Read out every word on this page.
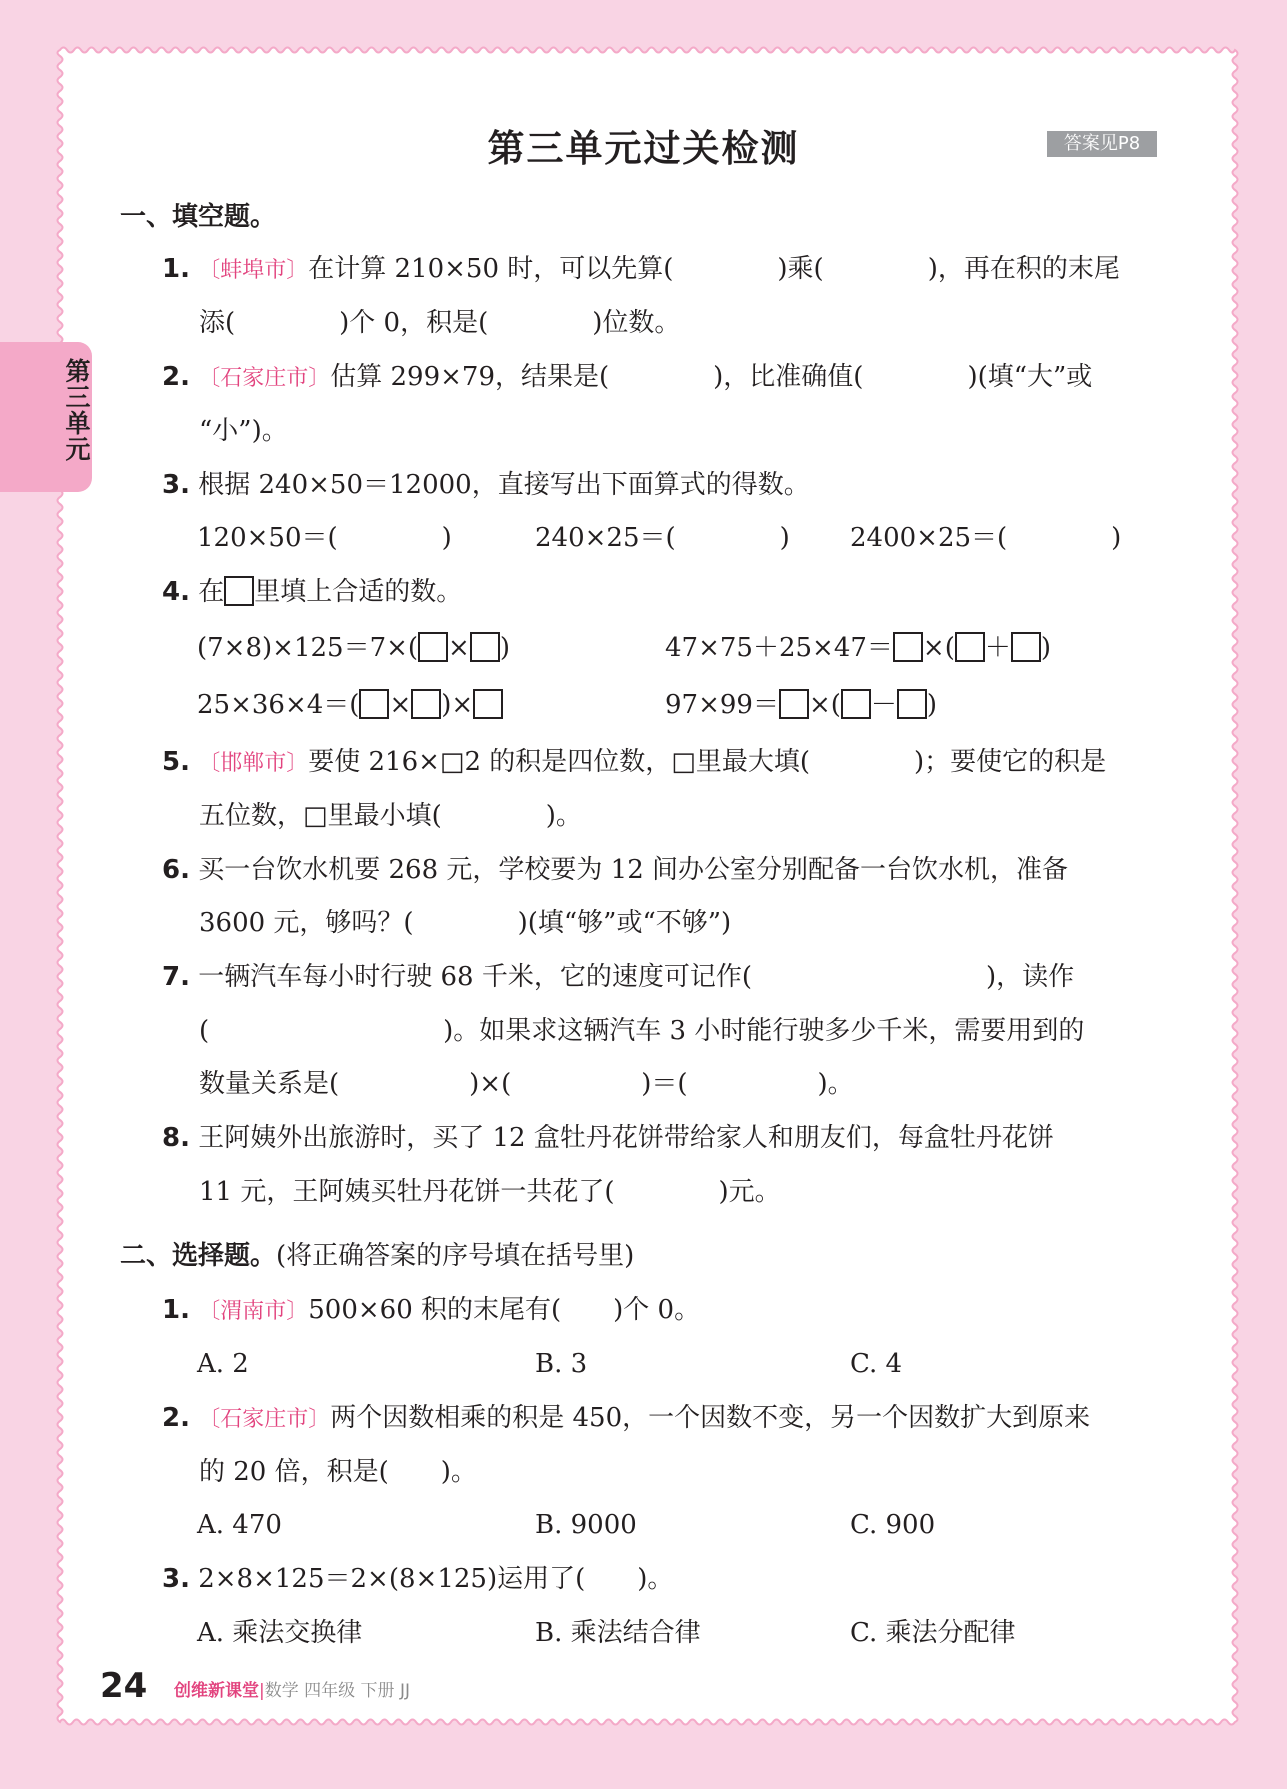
第三单元
第三单元过关检测	答案见P8
一、填空题。
1. 〔蚌埠市〕在计算 210×50 时，可以先算(　　　　)乘(　　　　)，再在积的末尾
添(　　　　)个 0，积是(　　　　)位数。
2. 〔石家庄市〕估算 299×79，结果是(　　　　)，比准确值(　　　　)(填“大”或
“小”)。
3. 根据 240×50＝12000，直接写出下面算式的得数。
120×50＝(　　　　)	240×25＝(　　　　) 2400×25＝(　　　　)
4. 在 里填上合适的数。
(7×8)×125＝7×( × )	47×75＋25×47＝ ×( ＋ )
25×36×4＝( × )×	97×99＝ ×( － )
5. 〔邯郸市〕要使 216×□2 的积是四位数，□里最大填(　　　　)；要使它的积是
五位数，□里最小填(　　　　)。
6. 买一台饮水机要 268 元，学校要为 12 间办公室分别配备一台饮水机，准备
3600 元，够吗？(　　　　)(填“够”或“不够”)
7. 一辆汽车每小时行驶 68 千米，它的速度可记作(　　　　　　　　　)，读作
(　　　　　　　　　)。如果求这辆汽车 3 小时能行驶多少千米，需要用到的
数量关系是(　　　　　)×(　　　　　)＝(　　　　　)。
8. 王阿姨外出旅游时，买了 12 盒牡丹花饼带给家人和朋友们，每盒牡丹花饼
11 元，王阿姨买牡丹花饼一共花了(　　　　)元。
二、选择题。(将正确答案的序号填在括号里)
1. 〔渭南市〕500×60 积的末尾有(　　)个 0。
A. 2	B. 3	C. 4
2. 〔石家庄市〕两个因数相乘的积是 450，一个因数不变，另一个因数扩大到原来
的 20 倍，积是(　　)。
A. 470	B. 9000	C. 900
3. 2×8×125＝2×(8×125)运用了(　　)。
A. 乘法交换律	B. 乘法结合律	C. 乘法分配律
24 创维新课堂|数学 四年级 下册 JJ
